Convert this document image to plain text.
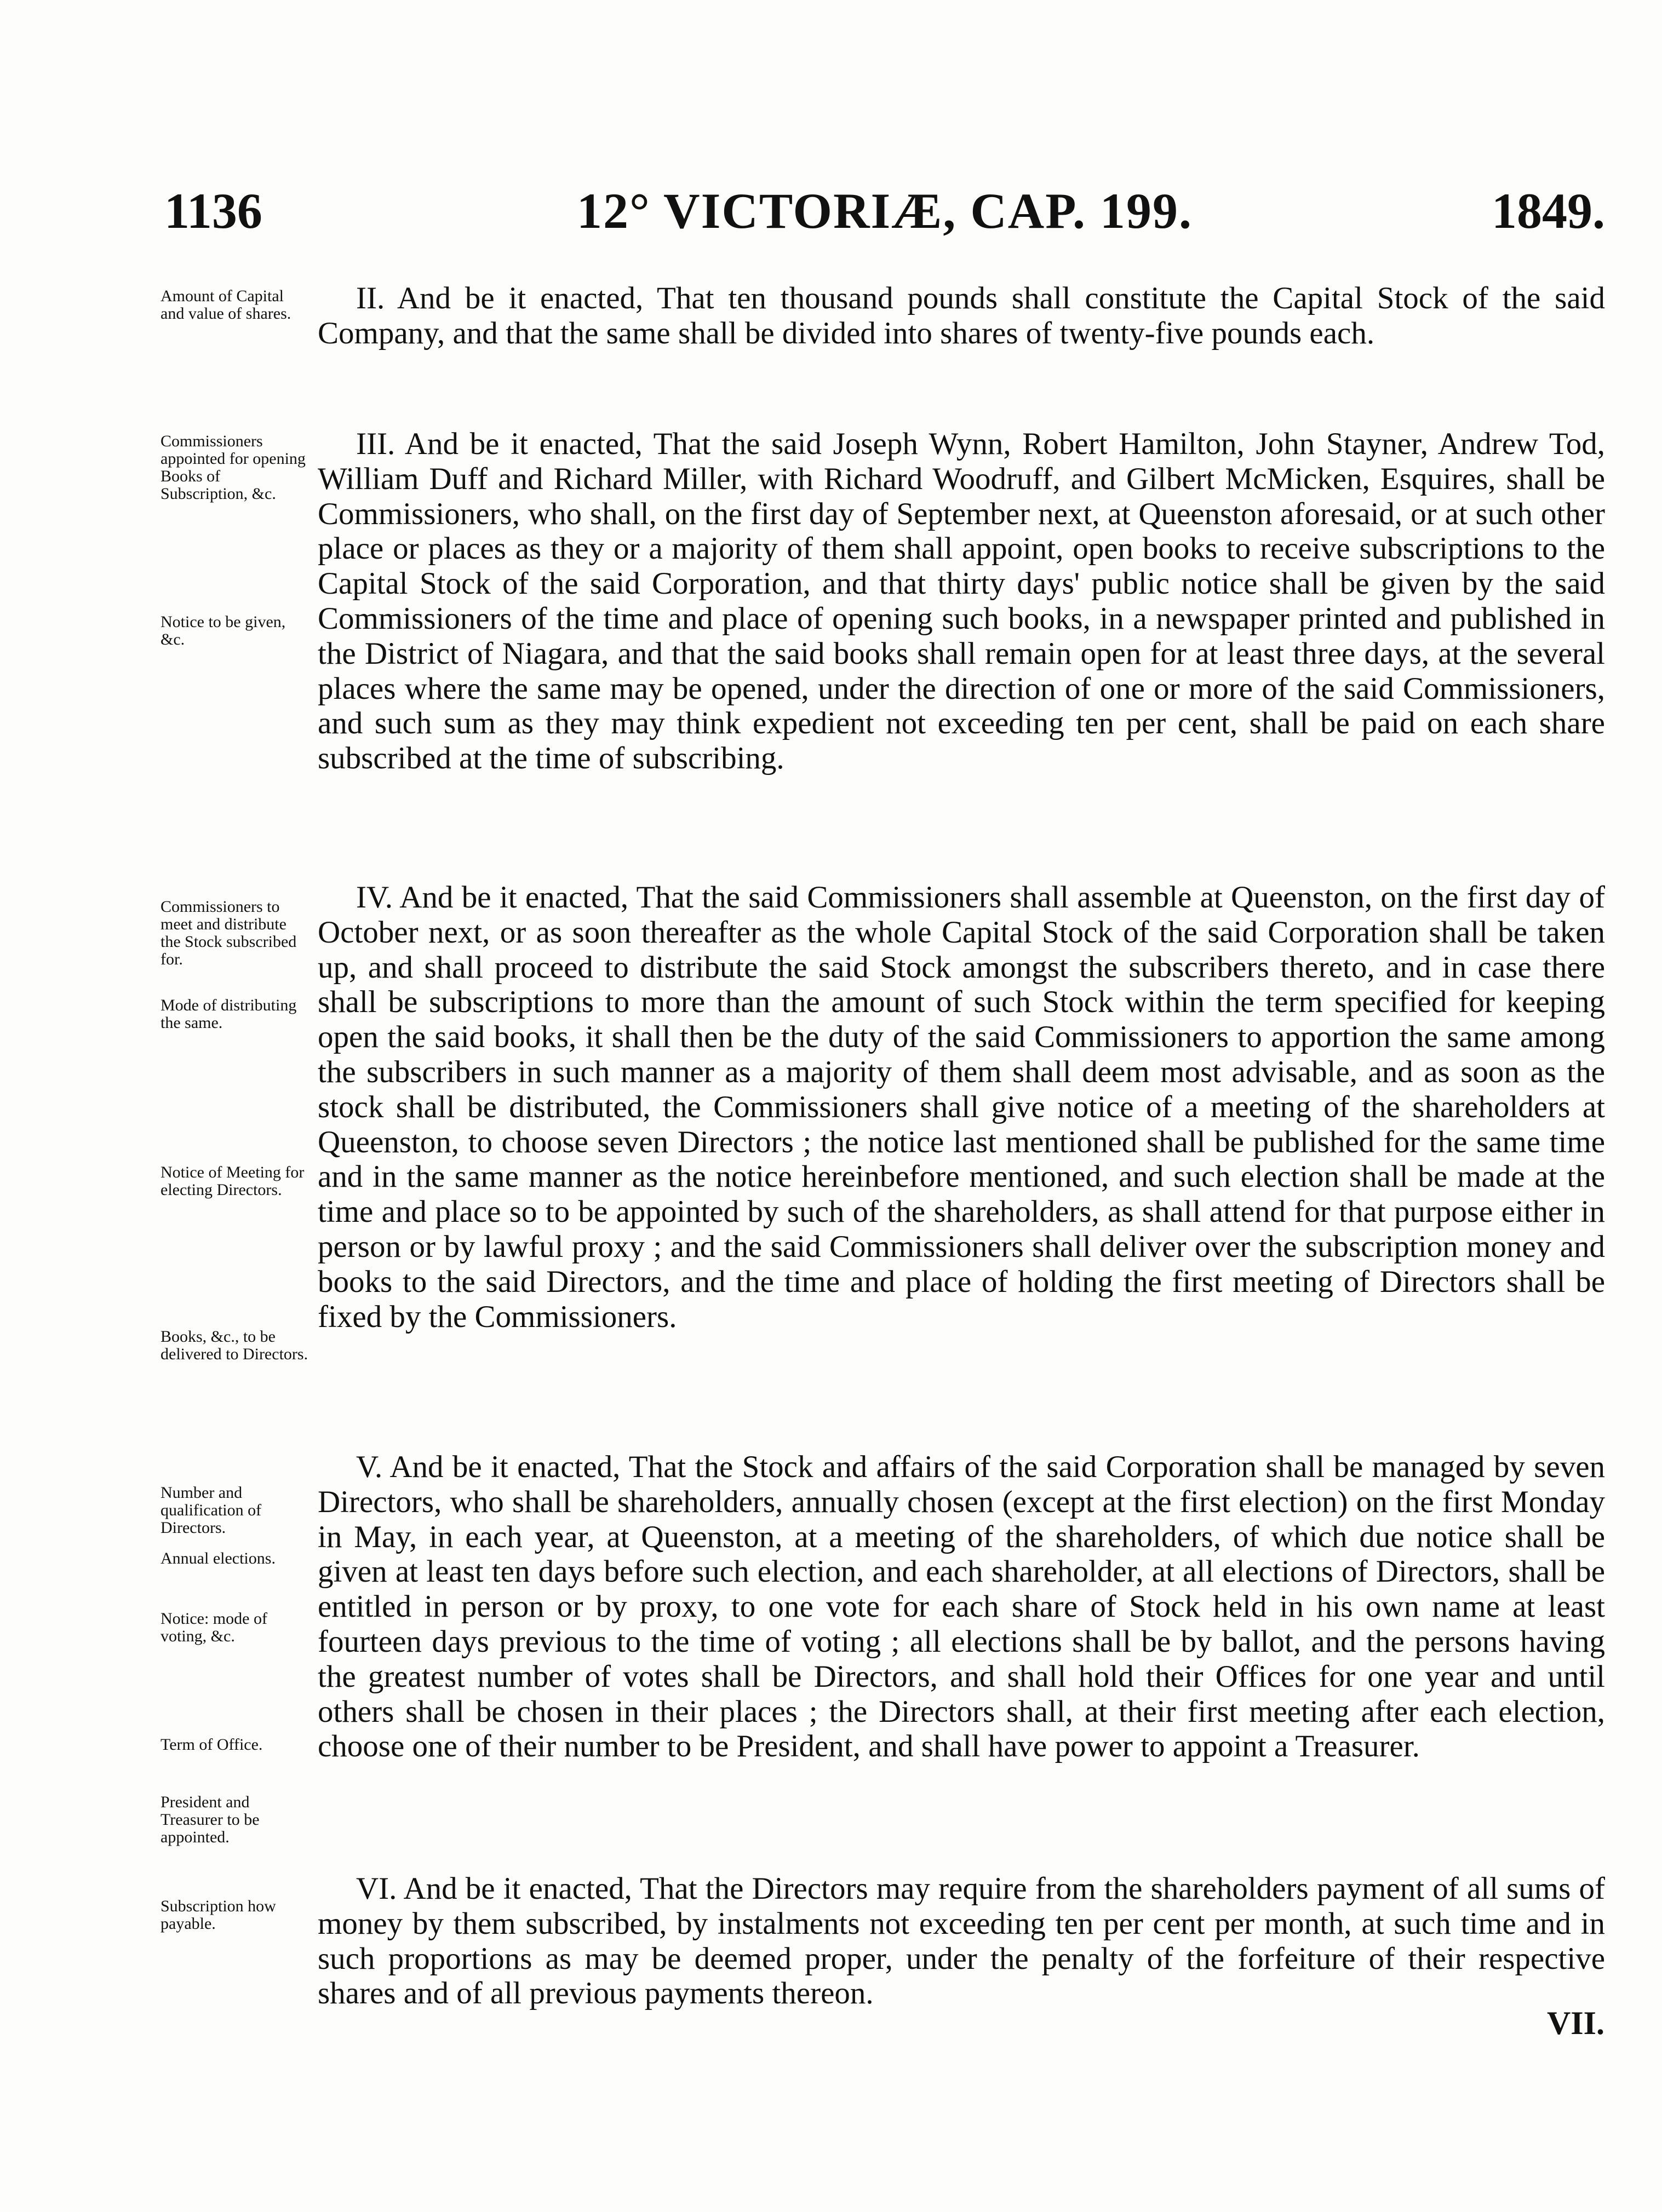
12° VICTORIÆ, CAP. 199.
1136	1849.

Amount of Capital and value of shares.

Commissioners appointed for opening Books of Subscription, &c.

Notice to be given, &c.

Commissioners to meet and distribute the Stock subscribed for.

Mode of distributing the same.

Notice of Meeting for electing Directors.

Books, &c., to be delivered to Directors.

Number and qualification of Directors.

Annual elections.

Notice: mode of voting, &c.

Term of Office.

President and Treasurer to be appointed.

Subscription how payable.

II. And be it enacted, That ten thousand pounds shall constitute the Capital Stock of the said Company, and that the same shall be divided into shares of twenty-five pounds each.

III. And be it enacted, That the said Joseph Wynn, Robert Hamilton, John Stayner, Andrew Tod, William Duff and Richard Miller, with Richard Woodruff, and Gilbert McMicken, Esquires, shall be Commissioners, who shall, on the first day of September next, at Queenston aforesaid, or at such other place or places as they or a majority of them shall appoint, open books to receive subscriptions to the Capital Stock of the said Corporation, and that thirty days' public notice shall be given by the said Commissioners of the time and place of opening such books, in a newspaper printed and published in the District of Niagara, and that the said books shall remain open for at least three days, at the several places where the same may be opened, under the direction of one or more of the said Commissioners, and such sum as they may think expedient not exceeding ten per cent, shall be paid on each share subscribed at the time of subscribing.

IV. And be it enacted, That the said Commissioners shall assemble at Queenston, on the first day of October next, or as soon thereafter as the whole Capital Stock of the said Corporation shall be taken up, and shall proceed to distribute the said Stock amongst the subscribers thereto, and in case there shall be subscriptions to more than the amount of such Stock within the term specified for keeping open the said books, it shall then be the duty of the said Commissioners to apportion the same among the subscribers in such manner as a majority of them shall deem most advisable, and as soon as the stock shall be distributed, the Commissioners shall give notice of a meeting of the shareholders at Queenston, to choose seven Directors ; the notice last mentioned shall be published for the same time and in the same manner as the notice hereinbefore mentioned, and such election shall be made at the time and place so to be appointed by such of the shareholders, as shall attend for that purpose either in person or by lawful proxy ; and the said Commissioners shall deliver over the subscription money and books to the said Directors, and the time and place of holding the first meeting of Directors shall be fixed by the Commissioners.

V. And be it enacted, That the Stock and affairs of the said Corporation shall be managed by seven Directors, who shall be shareholders, annually chosen (except at the first election) on the first Monday in May, in each year, at Queenston, at a meeting of the shareholders, of which due notice shall be given at least ten days before such election, and each shareholder, at all elections of Directors, shall be entitled in person or by proxy, to one vote for each share of Stock held in his own name at least fourteen days previous to the time of voting ; all elections shall be by ballot, and the persons having the greatest number of votes shall be Directors, and shall hold their Offices for one year and until others shall be chosen in their places ; the Directors shall, at their first meeting after each election, choose one of their number to be President, and shall have power to appoint a Treasurer.

VI. And be it enacted, That the Directors may require from the shareholders payment of all sums of money by them subscribed, by instalments not exceeding ten per cent per month, at such time and in such proportions as may be deemed proper, under the penalty of the forfeiture of their respective shares and of all previous payments thereon.

VII.
